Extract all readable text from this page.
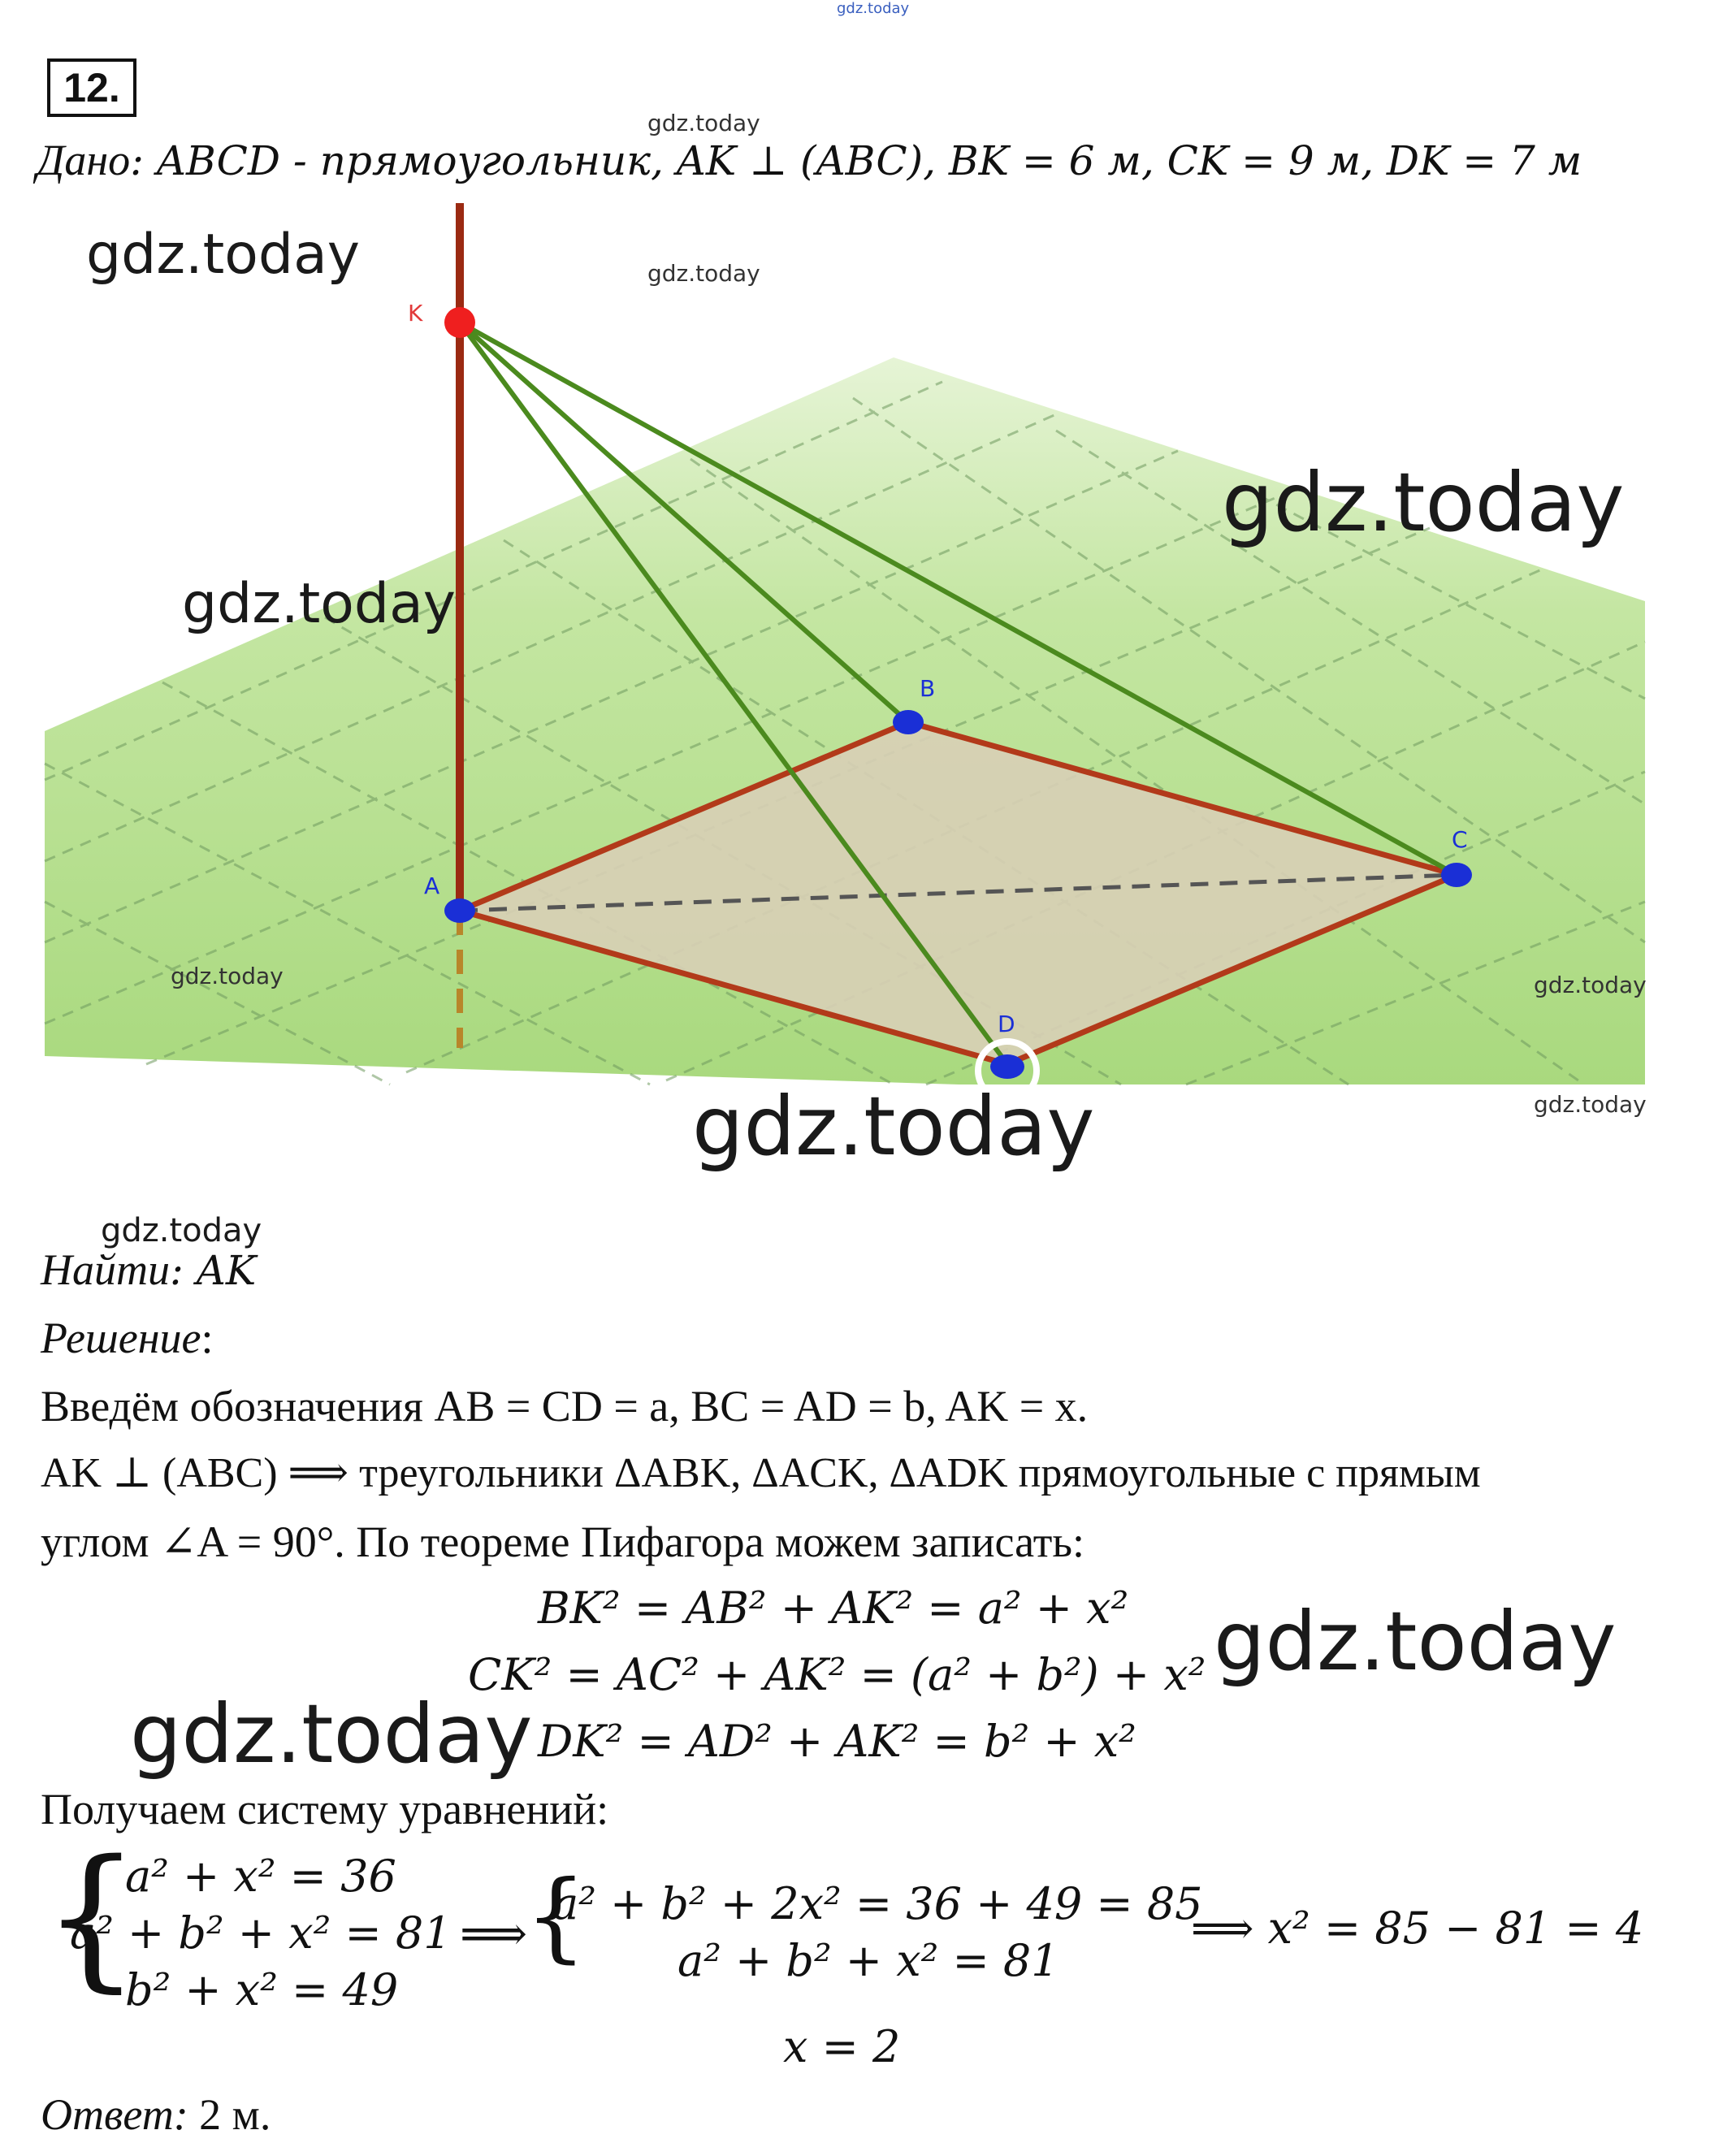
gdz.today
12.
gdz.today
Дано: ABCD - прямоугольник, AK ⊥ (ABC), BK = 6 м, CK = 9 м, DK = 7 м
K
A
B
C
D
gdz.today	gdz.today
gdz.today
gdz.today
gdz.today	gdz.today
gdz.today
gdz.today
gdz.today
Найти: AK
Решение:
Введём обозначения AB = CD = a, BC = AD = b, AK = x.
AK ⊥ (ABC) ⟹ треугольники ΔABK, ΔACK, ΔADK прямоугольные с прямым
углом ∠A = 90°. По теореме Пифагора можем записать:
BK² = AB² + AK² = a² + x²
CK² = AC² + AK² = (a² + b²) + x² gdz.today
gdz.today DK² = AD² + AK² = b² + x²
Получаем систему уравнений:
{
a² + x² = 36
a² + b² + x² = 81
b² + x² = 49
⟹
{
a² + b² + 2x² = 36 + 49 = 85
a² + b² + x² = 81
⟹ x² = 85 − 81 = 4
x = 2
Ответ: 2 м.
